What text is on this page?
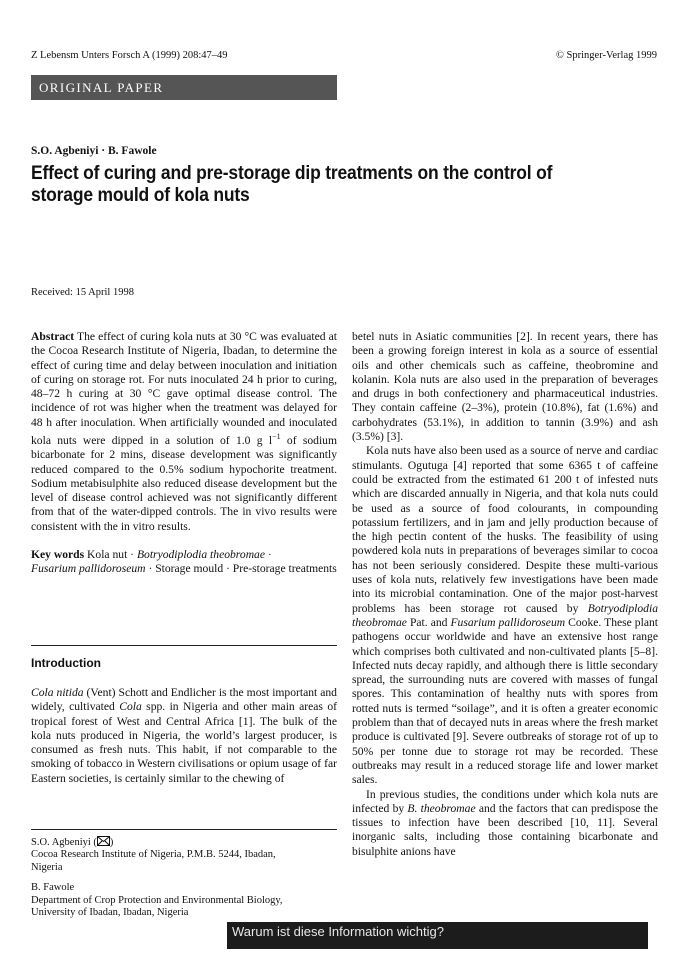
Z Lebensm Unters Forsch A (1999) 208:47–49	© Springer-Verlag 1999
ORIGINAL PAPER
S.O. Agbeniyi · B. Fawole
Effect of curing and pre-storage dip treatments on the control of storage mould of kola nuts
Received: 15 April 1998

Abstract The effect of curing kola nuts at 30 °C was evaluated at the Cocoa Research Institute of Nigeria, Ibadan, to determine the effect of curing time and delay between inoculation and initiation of curing on storage rot. For nuts inoculated 24 h prior to curing, 48–72 h curing at 30 °C gave optimal disease control. The incidence of rot was higher when the treatment was delayed for 48 h after inoculation. When artificially wounded and inoculated kola nuts were dipped in a solution of 1.0 g $l^{-1}$ of sodium bicarbonate for 2 mins, disease development was significantly reduced compared to the 0.5% sodium hypochorite treatment. Sodium metabisulphite also reduced disease development but the level of disease control achieved was not significantly different from that of the water-dipped controls. The in vivo results were consistent with the in vitro results.

Key words Kola nut · Botryodiplodia theobromae ·
Fusarium pallidoroseum · Storage mould · Pre-storage treatments

Introduction

Cola nitida (Vent) Schott and Endlicher is the most important and widely, cultivated Cola spp. in Nigeria and other main areas of tropical forest of West and Central Africa [1]. The bulk of the kola nuts produced in Nigeria, the world’s largest producer, is consumed as fresh nuts. This habit, if not comparable to the smoking of tobacco in Western civilisations or opium usage of far Eastern societies, is certainly similar to the chewing of

S.O. Agbeniyi ( )
Cocoa Research Institute of Nigeria, P.M.B. 5244, Ibadan,
Nigeria

B. Fawole
Department of Crop Protection and Environmental Biology,
University of Ibadan, Ibadan, Nigeria

betel nuts in Asiatic communities [2]. In recent years, there has been a growing foreign interest in kola as a source of essential oils and other chemicals such as caffeine, theobromine and kolanin. Kola nuts are also used in the preparation of beverages and drugs in both confectionery and pharmaceutical industries. They contain caffeine (2–3%), protein (10.8%), fat (1.6%) and carbohydrates (53.1%), in addition to tannin (3.9%) and ash (3.5%) [3].

Kola nuts have also been used as a source of nerve and cardiac stimulants. Ogutuga [4] reported that some 6365 t of caffeine could be extracted from the estimated 61 200 t of infested nuts which are discarded annually in Nigeria, and that kola nuts could be used as a source of food colourants, in compounding potassium fertilizers, and in jam and jelly production because of the high pectin content of the husks. The feasibility of using powdered kola nuts in preparations of beverages similar to cocoa has not been seriously considered. Despite these multi-various uses of kola nuts, relatively few investigations have been made into its microbial contamination. One of the major post-harvest problems has been storage rot caused by Botryodiplodia theobromae Pat. and Fusarium pallidoroseum Cooke. These plant pathogens occur worldwide and have an extensive host range which comprises both cultivated and non-cultivated plants [5–8]. Infected nuts decay rapidly, and although there is little secondary spread, the surrounding nuts are covered with masses of fungal spores. This contamination of healthy nuts with spores from rotted nuts is termed “soilage”, and it is often a greater economic problem than that of decayed nuts in areas where the fresh market produce is cultivated [9]. Severe outbreaks of storage rot of up to 50% per tonne due to storage rot may be recorded. These outbreaks may result in a reduced storage life and lower market sales.

In previous studies, the conditions under which kola nuts are infected by B. theobromae and the factors that can predispose the tissues to infection have been described [10, 11]. Several inorganic salts, including those containing bicarbonate and bisulphite anions have

Warum ist diese Information wichtig?
